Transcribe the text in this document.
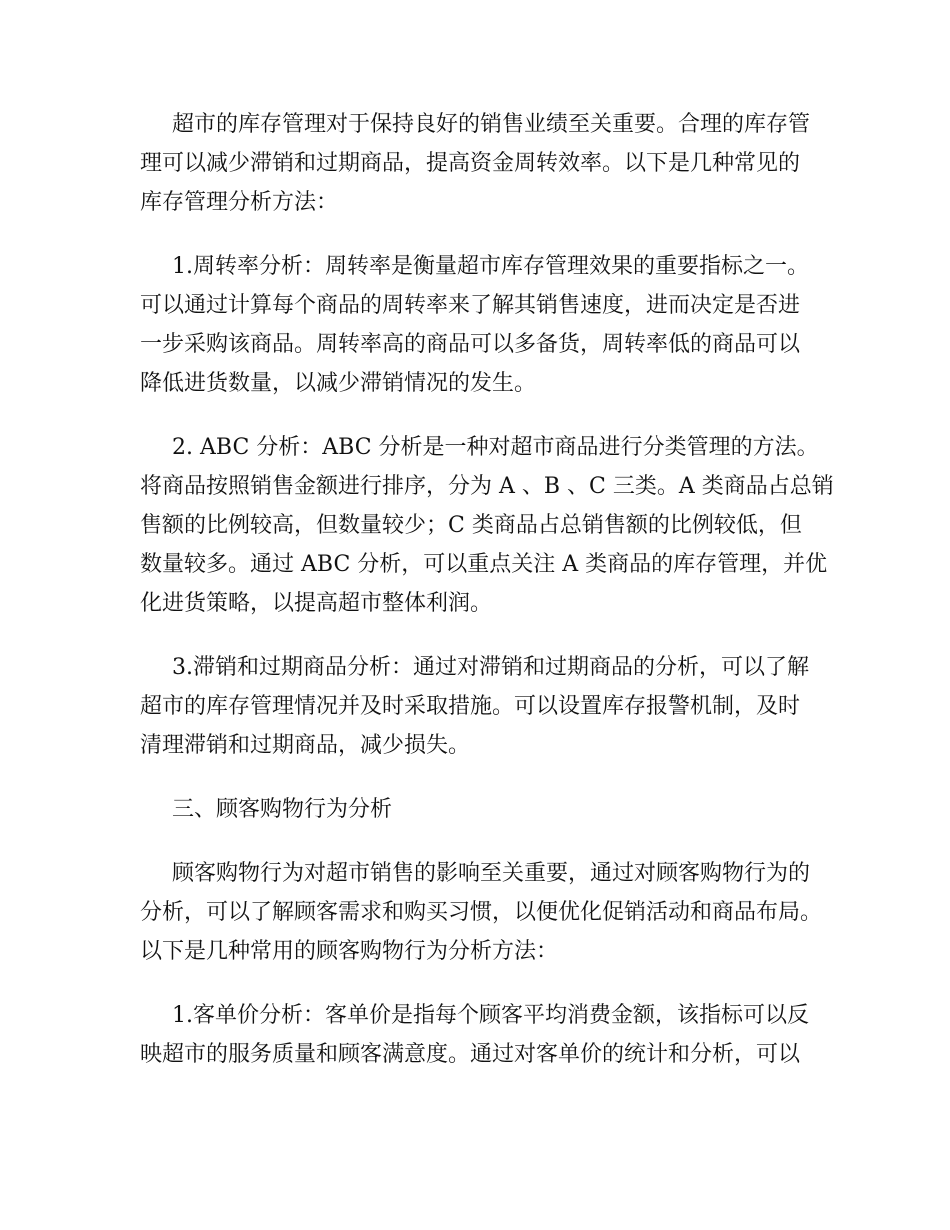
超市的库存管理对于保持良好的销售业绩至关重要。合理的库存管
理可以减少滞销和过期商品，提高资金周转效率。以下是几种常见的
库存管理分析方法：
1.周转率分析：周转率是衡量超市库存管理效果的重要指标之一。
可以通过计算每个商品的周转率来了解其销售速度，进而决定是否进
一步采购该商品。周转率高的商品可以多备货，周转率低的商品可以
降低进货数量，以减少滞销情况的发生。
2. ABC 分析：ABC 分析是一种对超市商品进行分类管理的方法。
将商品按照销售金额进行排序，分为 A 、B 、C 三类。A 类商品占总销
售额的比例较高，但数量较少；C 类商品占总销售额的比例较低，但
数量较多。通过 ABC 分析，可以重点关注 A 类商品的库存管理，并优
化进货策略，以提高超市整体利润。
3.滞销和过期商品分析：通过对滞销和过期商品的分析，可以了解
超市的库存管理情况并及时采取措施。可以设置库存报警机制，及时
清理滞销和过期商品，减少损失。
三、顾客购物行为分析
顾客购物行为对超市销售的影响至关重要，通过对顾客购物行为的
分析，可以了解顾客需求和购买习惯，以便优化促销活动和商品布局。
以下是几种常用的顾客购物行为分析方法：
1.客单价分析：客单价是指每个顾客平均消费金额，该指标可以反
映超市的服务质量和顾客满意度。通过对客单价的统计和分析，可以
